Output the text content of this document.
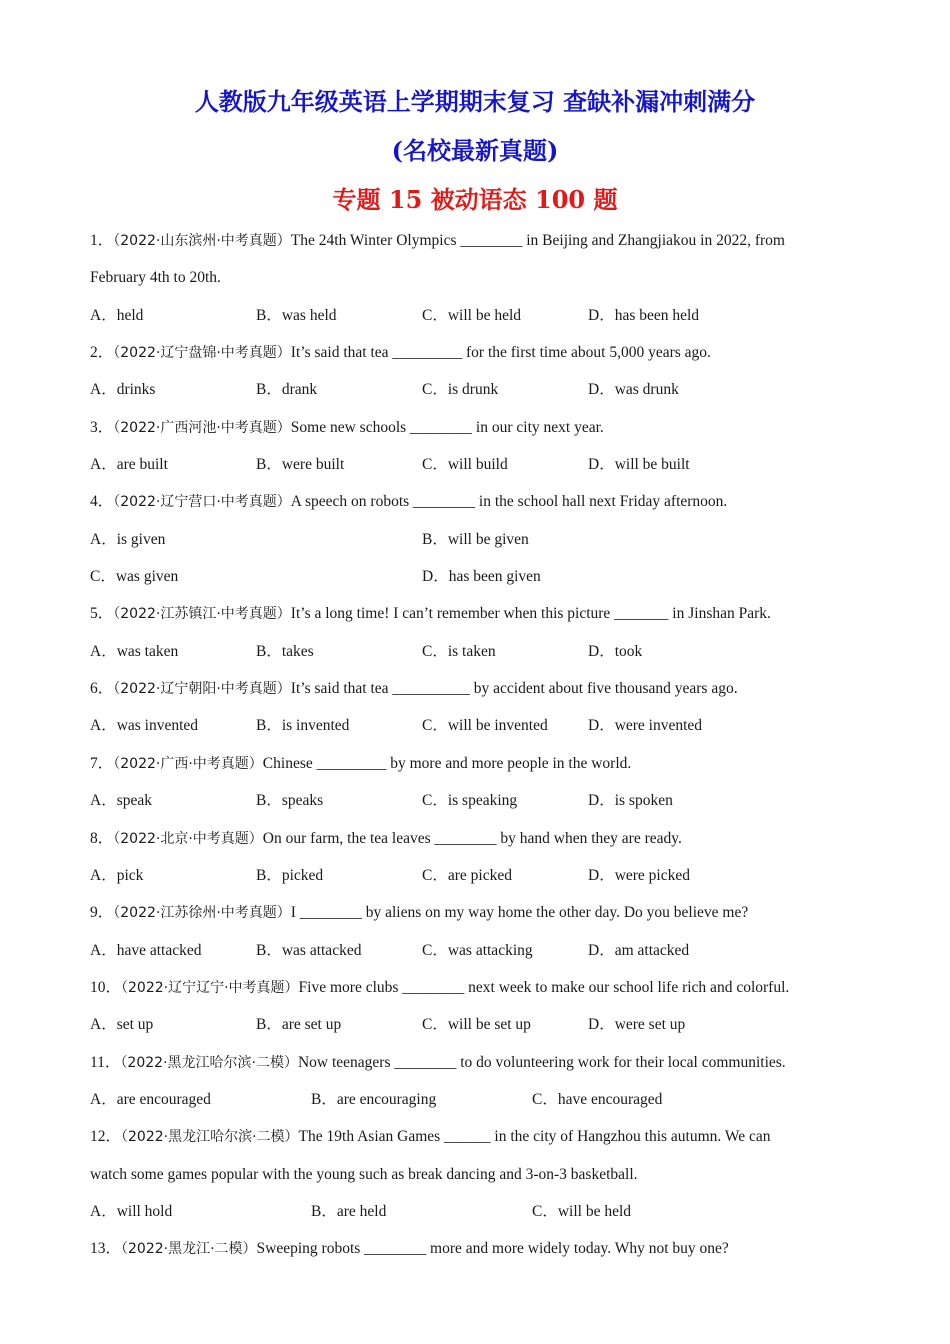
人教版九年级英语上学期期末复习 查缺补漏冲刺满分
(名校最新真题)
专题 15 被动语态 100 题
1．（2022·山东滨州·中考真题）The 24th Winter Olympics ________ in Beijing and Zhangjiakou in 2022, from
February 4th to 20th.
A．held	B．was held	C．will be held	D．has been held
2．（2022·辽宁盘锦·中考真题）It’s said that tea _________ for the first time about 5,000 years ago.
A．drinks	B．drank	C．is drunk	D．was drunk
3．（2022·广西河池·中考真题）Some new schools ________ in our city next year.
A．are built	B．were built	C．will build	D．will be built
4．（2022·辽宁营口·中考真题）A speech on robots ________ in the school hall next Friday afternoon.
A．is given	B．will be given
C．was given	D．has been given
5．（2022·江苏镇江·中考真题）It’s a long time! I can’t remember when this picture _______ in Jinshan Park.
A．was taken	B．takes	C．is taken	D．took
6．（2022·辽宁朝阳·中考真题）It’s said that tea __________ by accident about five thousand years ago.
A．was invented	B．is invented	C．will be invented	D．were invented
7．（2022·广西·中考真题）Chinese _________ by more and more people in the world.
A．speak	B．speaks	C．is speaking	D．is spoken
8．（2022·北京·中考真题）On our farm, the tea leaves ________ by hand when they are ready.
A．pick	B．picked	C．are picked	D．were picked
9．（2022·江苏徐州·中考真题）I ________ by aliens on my way home the other day. Do you believe me?
A．have attacked	B．was attacked	C．was attacking	D．am attacked
10．（2022·辽宁辽宁·中考真题）Five more clubs ________ next week to make our school life rich and colorful.
A．set up	B．are set up	C．will be set up	D．were set up
11．（2022·黑龙江哈尔滨·二模）Now teenagers ________ to do volunteering work for their local communities.
A．are encouraged	B．are encouraging	C．have encouraged
12．（2022·黑龙江哈尔滨·二模）The 19th Asian Games ______ in the city of Hangzhou this autumn. We can
watch some games popular with the young such as break dancing and 3-on-3 basketball.
A．will hold	B．are held	C．will be held
13．（2022·黑龙江·二模）Sweeping robots ________ more and more widely today. Why not buy one?
